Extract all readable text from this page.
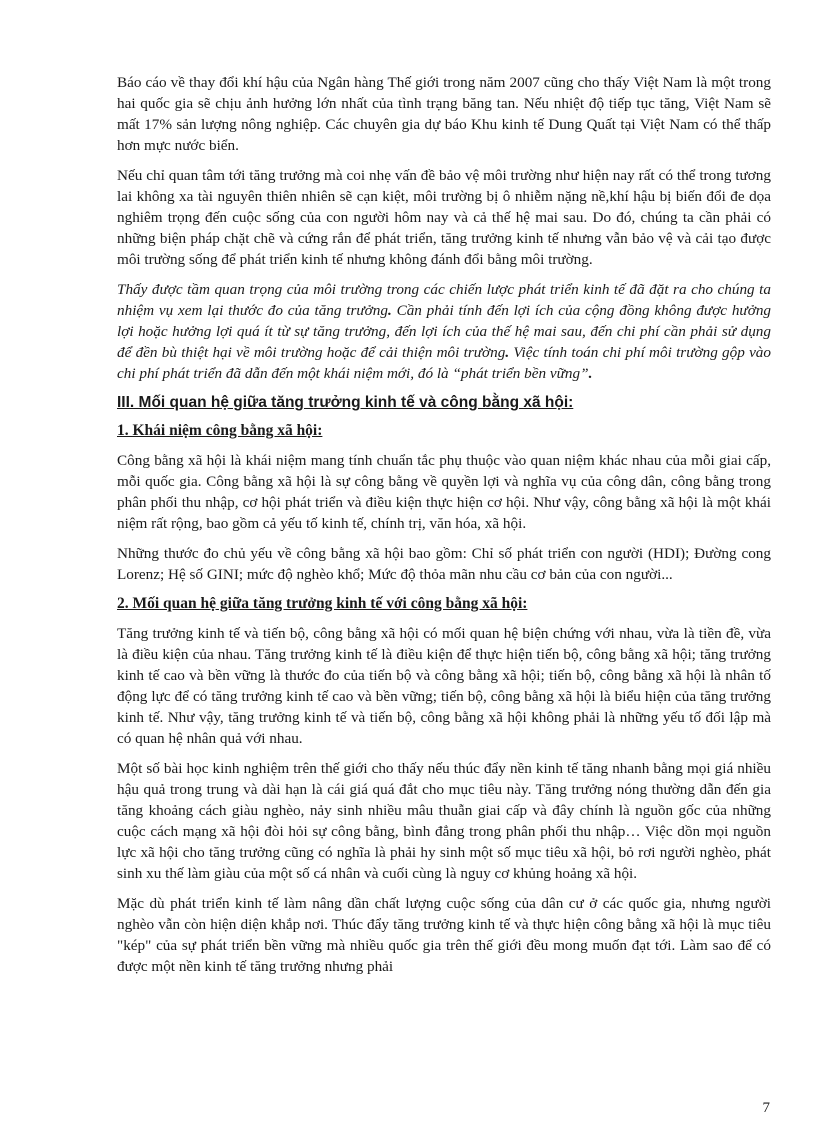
Báo cáo về thay đổi khí hậu của Ngân hàng Thế giới trong năm 2007 cũng cho thấy Việt Nam là một trong hai quốc gia sẽ chịu ảnh hưởng lớn nhất của tình trạng băng tan. Nếu nhiệt độ tiếp tục tăng, Việt Nam sẽ mất 17% sản lượng nông nghiệp. Các chuyên gia dự báo Khu kinh tế Dung Quất tại Việt Nam có thể thấp hơn mực nước biển.

Nếu chỉ quan tâm tới tăng trưởng mà coi nhẹ vấn đề bảo vệ môi trường như hiện nay rất có thể trong tương lai không xa tài nguyên thiên nhiên sẽ cạn kiệt, môi trường bị ô nhiễm nặng nề,khí hậu bị biến đổi đe dọa nghiêm trọng đến cuộc sống của con người hôm nay và cả thế hệ mai sau. Do đó, chúng ta cần phải có những biện pháp chặt chẽ và cứng rắn để phát triển, tăng trưởng kinh tế nhưng vẫn bảo vệ và cải tạo được môi trường sống để phát triển kinh tế nhưng không đánh đổi bằng môi trường.

Thấy được tầm quan trọng của môi trường trong các chiến lược phát triển kinh tế đã đặt ra cho chúng ta nhiệm vụ xem lại thước đo của tăng trưởng. Cần phải tính đến lợi ích của cộng đồng không được hưởng lợi hoặc hưởng lợi quá ít từ sự tăng trưởng, đến lợi ích của thế hệ mai sau, đến chi phí cần phải sử dụng để đền bù thiệt hại về môi trường hoặc để cải thiện môi trường. Việc tính toán chi phí môi trường gộp vào chi phí phát triển đã dẫn đến một khái niệm mới, đó là “phát triển bền vững”.

III. Mối quan hệ giữa tăng trưởng kinh tế và công bằng xã hội:
1. Khái niệm công bằng xã hội:

Công bằng xã hội là khái niệm mang tính chuẩn tắc phụ thuộc vào quan niệm khác nhau của mỗi giai cấp, mỗi quốc gia. Công bằng xã hội là sự công bằng về quyền lợi và nghĩa vụ của công dân, công bằng trong phân phối thu nhập, cơ hội phát triển và điều kiện thực hiện cơ hội. Như vậy, công bằng xã hội là một khái niệm rất rộng, bao gồm cả yếu tố kinh tế, chính trị, văn hóa, xã hội.

Những thước đo chủ yếu về công bằng xã hội bao gồm: Chỉ số phát triển con người (HDI); Đường cong Lorenz; Hệ số GINI; mức độ nghèo khổ; Mức độ thỏa mãn nhu cầu cơ bản của con người...

2. Mối quan hệ giữa tăng trưởng kinh tế với công bằng xã hội:

Tăng trưởng kinh tế và tiến bộ, công bằng xã hội có mối quan hệ biện chứng với nhau, vừa là tiền đề, vừa là điều kiện của nhau. Tăng trưởng kinh tế là điều kiện để thực hiện tiến bộ, công bằng xã hội; tăng trưởng kinh tế cao và bền vững là thước đo của tiến bộ và công bằng xã hội; tiến bộ, công bằng xã hội là nhân tố động lực để có tăng trưởng kinh tế cao và bền vững; tiến bộ, công bằng xã hội là biểu hiện của tăng trưởng kinh tế. Như vậy, tăng trưởng kinh tế và tiến bộ, công bằng xã hội không phải là những yếu tố đối lập mà có quan hệ nhân quả với nhau.

Một số bài học kinh nghiệm trên thế giới cho thấy nếu thúc đẩy nền kinh tế tăng nhanh bằng mọi giá nhiều hậu quả trong trung và dài hạn là cái giá quá đắt cho mục tiêu này. Tăng trưởng nóng thường dẫn đến gia tăng khoảng cách giàu nghèo, nảy sinh nhiều mâu thuẫn giai cấp và đây chính là nguồn gốc của những cuộc cách mạng xã hội đòi hỏi sự công bằng, bình đẳng trong phân phối thu nhập… Việc dồn mọi nguồn lực xã hội cho tăng trưởng cũng có nghĩa là phải hy sinh một số mục tiêu xã hội, bỏ rơi người nghèo, phát sinh xu thế làm giàu của một số cá nhân và cuối cùng là nguy cơ khủng hoảng xã hội.

Mặc dù phát triển kinh tế làm nâng dần chất lượng cuộc sống của dân cư ở các quốc gia, nhưng người nghèo vẫn còn hiện diện khắp nơi. Thúc đẩy tăng trưởng kinh tế và thực hiện công bằng xã hội là mục tiêu "kép" của sự phát triển bền vững mà nhiều quốc gia trên thế giới đều mong muốn đạt tới. Làm sao để có được một nền kinh tế tăng trưởng nhưng phải

7
